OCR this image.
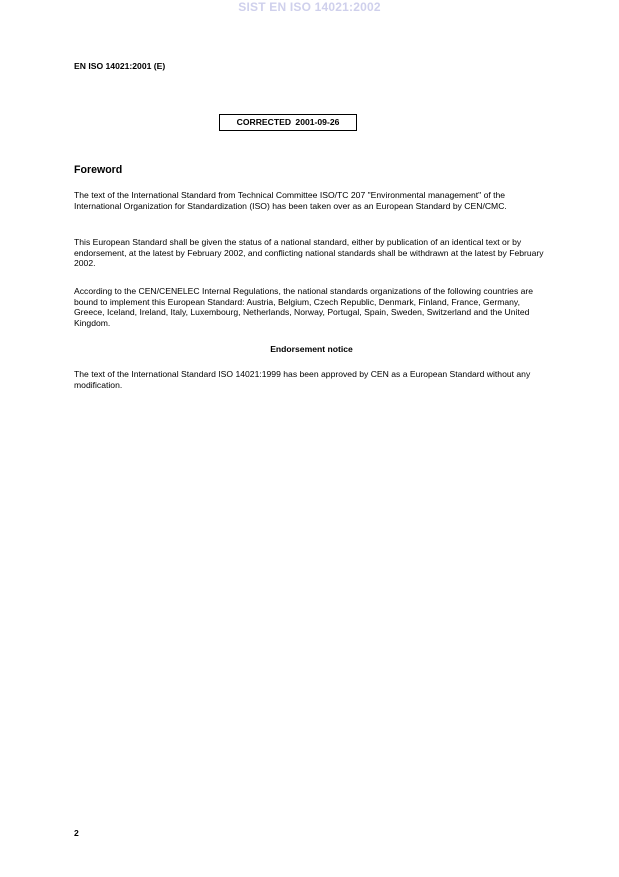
SIST EN ISO 14021:2002
EN ISO 14021:2001 (E)
CORRECTED 2001-09-26
Foreword

The text of the International Standard from Technical Committee ISO/TC 207 "Environmental management" of the International Organization for Standardization (ISO) has been taken over as an European Standard by CEN/CMC.

This European Standard shall be given the status of a national standard, either by publication of an identical text or by endorsement, at the latest by February 2002, and conflicting national standards shall be withdrawn at the latest by February 2002.

According to the CEN/CENELEC Internal Regulations, the national standards organizations of the following countries are bound to implement this European Standard: Austria, Belgium, Czech Republic, Denmark, Finland, France, Germany, Greece, Iceland, Ireland, Italy, Luxembourg, Netherlands, Norway, Portugal, Spain, Sweden, Switzerland and the United Kingdom.

Endorsement notice

The text of the International Standard ISO 14021:1999 has been approved by CEN as a European Standard without any modification.

2
